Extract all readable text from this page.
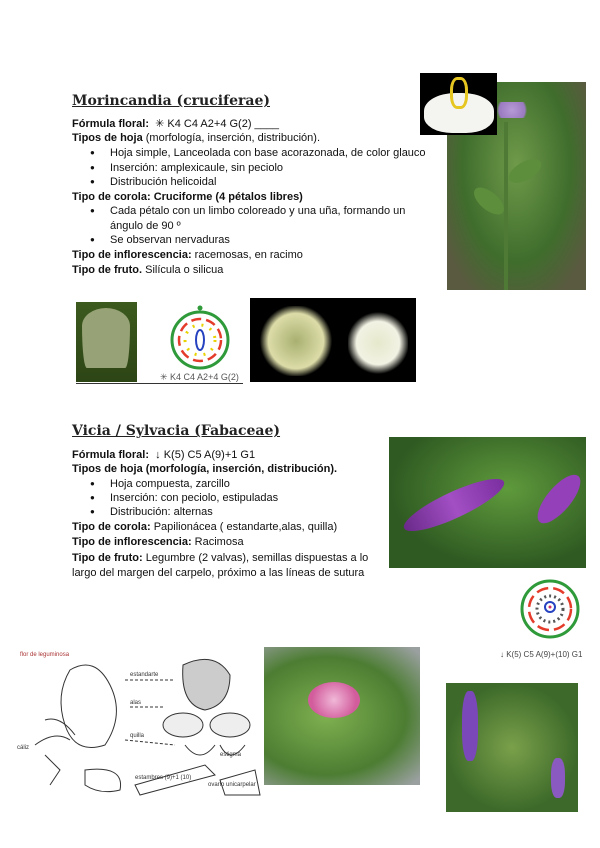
Morincandia (cruciferae)
Fórmula floral: ✳ K4 C4 A2+4 G(2) ____
Tipos de hoja (morfología, inserción, distribución).
● Hoja simple, Lanceolada con base acorazonada, de color glauco
● Inserción: amplexicaule, sin peciolo
● Distribución helicoidal
Tipo de corola: Cruciforme (4 pétalos libres)
● Cada pétalo con un limbo coloreado y una uña, formando un
ángulo de 90 º
● Se observan nervaduras
Tipo de inflorescencia: racemosas, en racimo
Tipo de fruto. Silícula o silicua
✳ K4 C4 A2+4 G(2)
Vicia / Sylvacia (Fabaceae)
Fórmula floral: ↓ K(5) C5 A(9)+1 G1
Tipos de hoja (morfología, inserción, distribución).
● Hoja compuesta, zarcillo
● Inserción: con peciolo, estipuladas
● Distribución: alternas
Tipo de corola: Papilionácea ( estandarte,alas, quilla)
Tipo de inflorescencia: Racimosa
Tipo de fruto: Legumbre (2 valvas), semillas dispuestas a lo
largo del margen del carpelo, próximo a las líneas de sutura
↓ K(5) C5 A(9)+(10) G1
flor de leguminosa
estandarte
alas
quilla
cáliz
estigma
estambres (9)+1 (10)
ovario unicarpelar
